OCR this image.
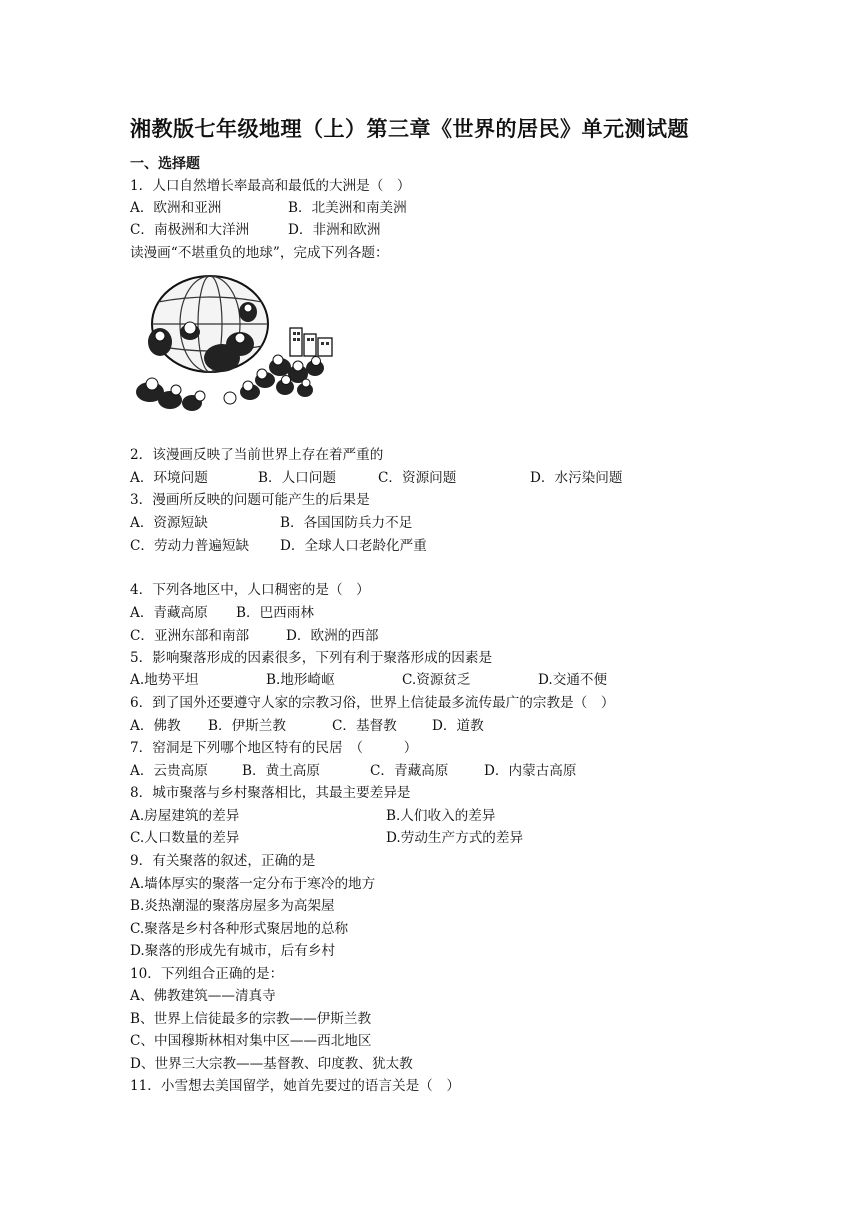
湘教版七年级地理（上）第三章《世界的居民》单元测试题
一、选择题
1．人口自然增长率最高和最低的大洲是（　）
A．欧洲和亚洲	B．北美洲和南美洲
C．南极洲和大洋洲	D．非洲和欧洲
读漫画“不堪重负的地球”，完成下列各题：
2．该漫画反映了当前世界上存在着严重的
A．环境问题	B．人口问题	C．资源问题	D．水污染问题
3．漫画所反映的问题可能产生的后果是
A．资源短缺	B．各国国防兵力不足
C．劳动力普遍短缺 D．全球人口老龄化严重
4．下列各地区中，人口稠密的是（　）
A．青藏高原 B．巴西雨林
C．亚洲东部和南部	D．欧洲的西部
5．影响聚落形成的因素很多，下列有利于聚落形成的因素是
A.地势平坦	B.地形崎岖	C.资源贫乏	D.交通不便
6．到了国外还要遵守人家的宗教习俗，世界上信徒最多流传最广的宗教是（　）
A．佛教 B．伊斯兰教	C．基督教	D．道教
7．窑洞是下列哪个地区特有的民居　（　　　）
A．云贵高原	B．黄土高原	C．青藏高原	D．内蒙古高原
8．城市聚落与乡村聚落相比，其最主要差异是
A.房屋建筑的差异	B.人们收入的差异
C.人口数量的差异	D.劳动生产方式的差异
9．有关聚落的叙述，正确的是
A.墙体厚实的聚落一定分布于寒冷的地方
B.炎热潮湿的聚落房屋多为高架屋
C.聚落是乡村各种形式聚居地的总称
D.聚落的形成先有城市，后有乡村
10．下列组合正确的是：
A、佛教建筑——清真寺
B、世界上信徒最多的宗教——伊斯兰教
C、中国穆斯林相对集中区——西北地区
D、世界三大宗教——基督教、印度教、犹太教
11．小雪想去美国留学，她首先要过的语言关是（　）
